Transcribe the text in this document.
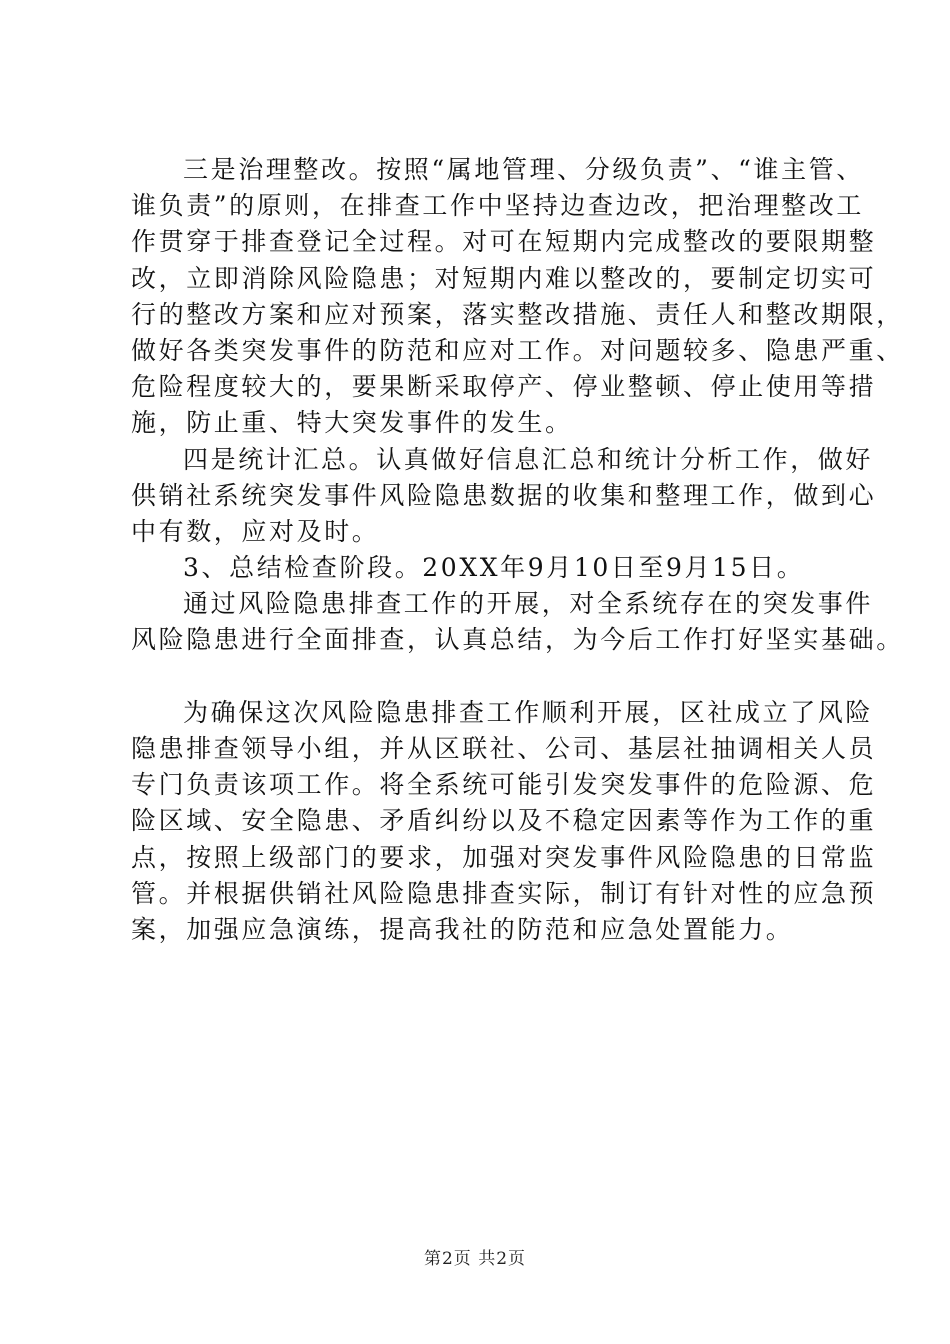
三是治理整改。按照“属地管理、分级负责”、“谁主管、
谁负责”的原则，在排查工作中坚持边查边改，把治理整改工
作贯穿于排查登记全过程。对可在短期内完成整改的要限期整
改，立即消除风险隐患；对短期内难以整改的，要制定切实可
行的整改方案和应对预案，落实整改措施、责任人和整改期限，
做好各类突发事件的防范和应对工作。对问题较多、隐患严重、
危险程度较大的，要果断采取停产、停业整顿、停止使用等措
施，防止重、特大突发事件的发生。
四是统计汇总。认真做好信息汇总和统计分析工作，做好
供销社系统突发事件风险隐患数据的收集和整理工作，做到心
中有数，应对及时。
3、总结检查阶段。20XX年9月10日至9月15日。
通过风险隐患排查工作的开展，对全系统存在的突发事件
风险隐患进行全面排查，认真总结，为今后工作打好坚实基础。
为确保这次风险隐患排查工作顺利开展，区社成立了风险
隐患排查领导小组，并从区联社、公司、基层社抽调相关人员
专门负责该项工作。将全系统可能引发突发事件的危险源、危
险区域、安全隐患、矛盾纠纷以及不稳定因素等作为工作的重
点，按照上级部门的要求，加强对突发事件风险隐患的日常监
管。并根据供销社风险隐患排查实际，制订有针对性的应急预
案，加强应急演练，提高我社的防范和应急处置能力。
第2页 共2页
